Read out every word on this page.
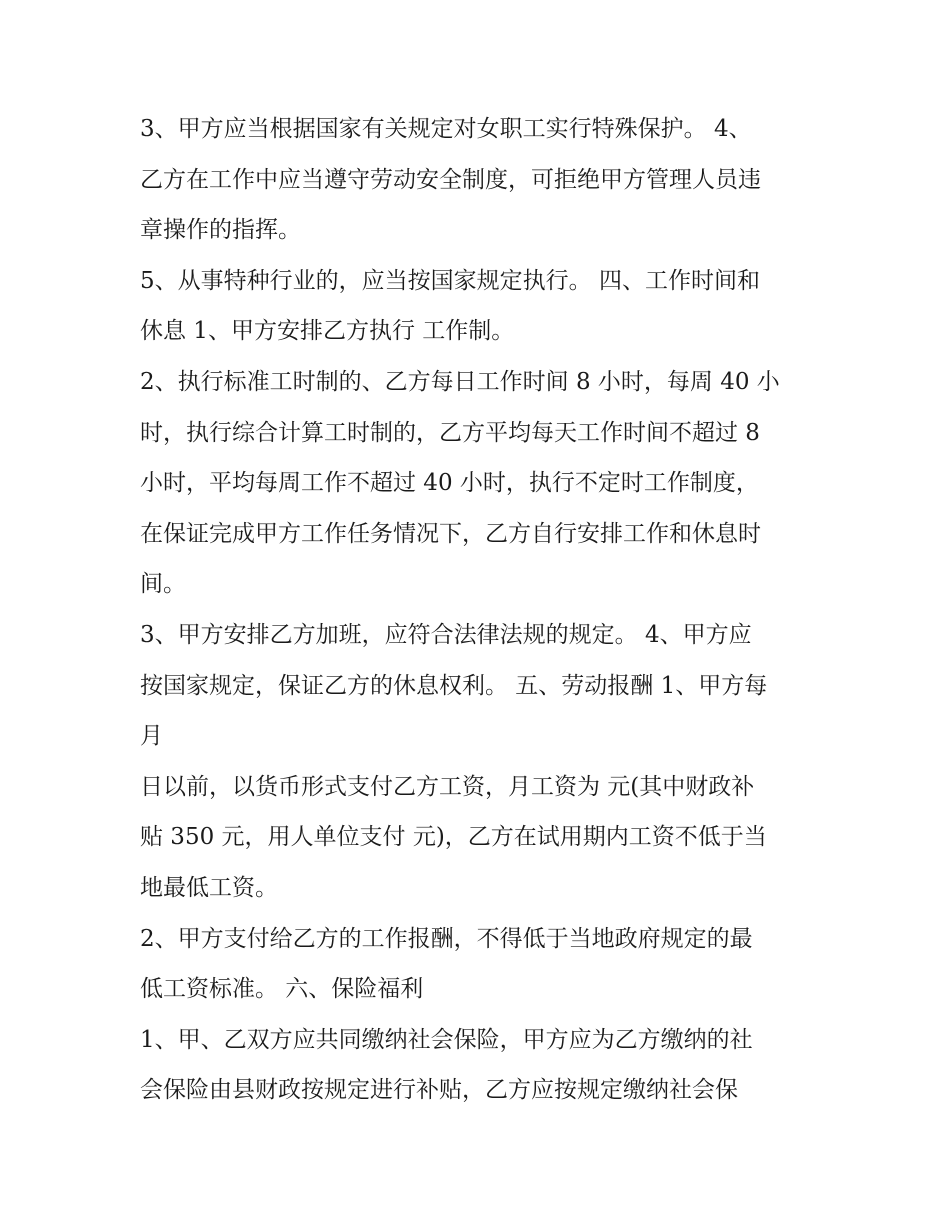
3、甲方应当根据国家有关规定对女职工实行特殊保护。 4、
乙方在工作中应当遵守劳动安全制度，可拒绝甲方管理人员违
章操作的指挥。
5、从事特种行业的，应当按国家规定执行。 四、工作时间和
休息 1、甲方安排乙方执行 工作制。
2、执行标准工时制的、乙方每日工作时间 8 小时，每周 40 小
时，执行综合计算工时制的，乙方平均每天工作时间不超过 8
小时，平均每周工作不超过 40 小时，执行不定时工作制度，
在保证完成甲方工作任务情况下，乙方自行安排工作和休息时
间。
3、甲方安排乙方加班，应符合法律法规的规定。 4、甲方应
按国家规定，保证乙方的休息权利。 五、劳动报酬 1、甲方每
月
日以前，以货币形式支付乙方工资，月工资为 元(其中财政补
贴 350 元，用人单位支付 元)，乙方在试用期内工资不低于当
地最低工资。
2、甲方支付给乙方的工作报酬，不得低于当地政府规定的最
低工资标准。 六、保险福利
1、甲、乙双方应共同缴纳社会保险，甲方应为乙方缴纳的社
会保险由县财政按规定进行补贴，乙方应按规定缴纳社会保
